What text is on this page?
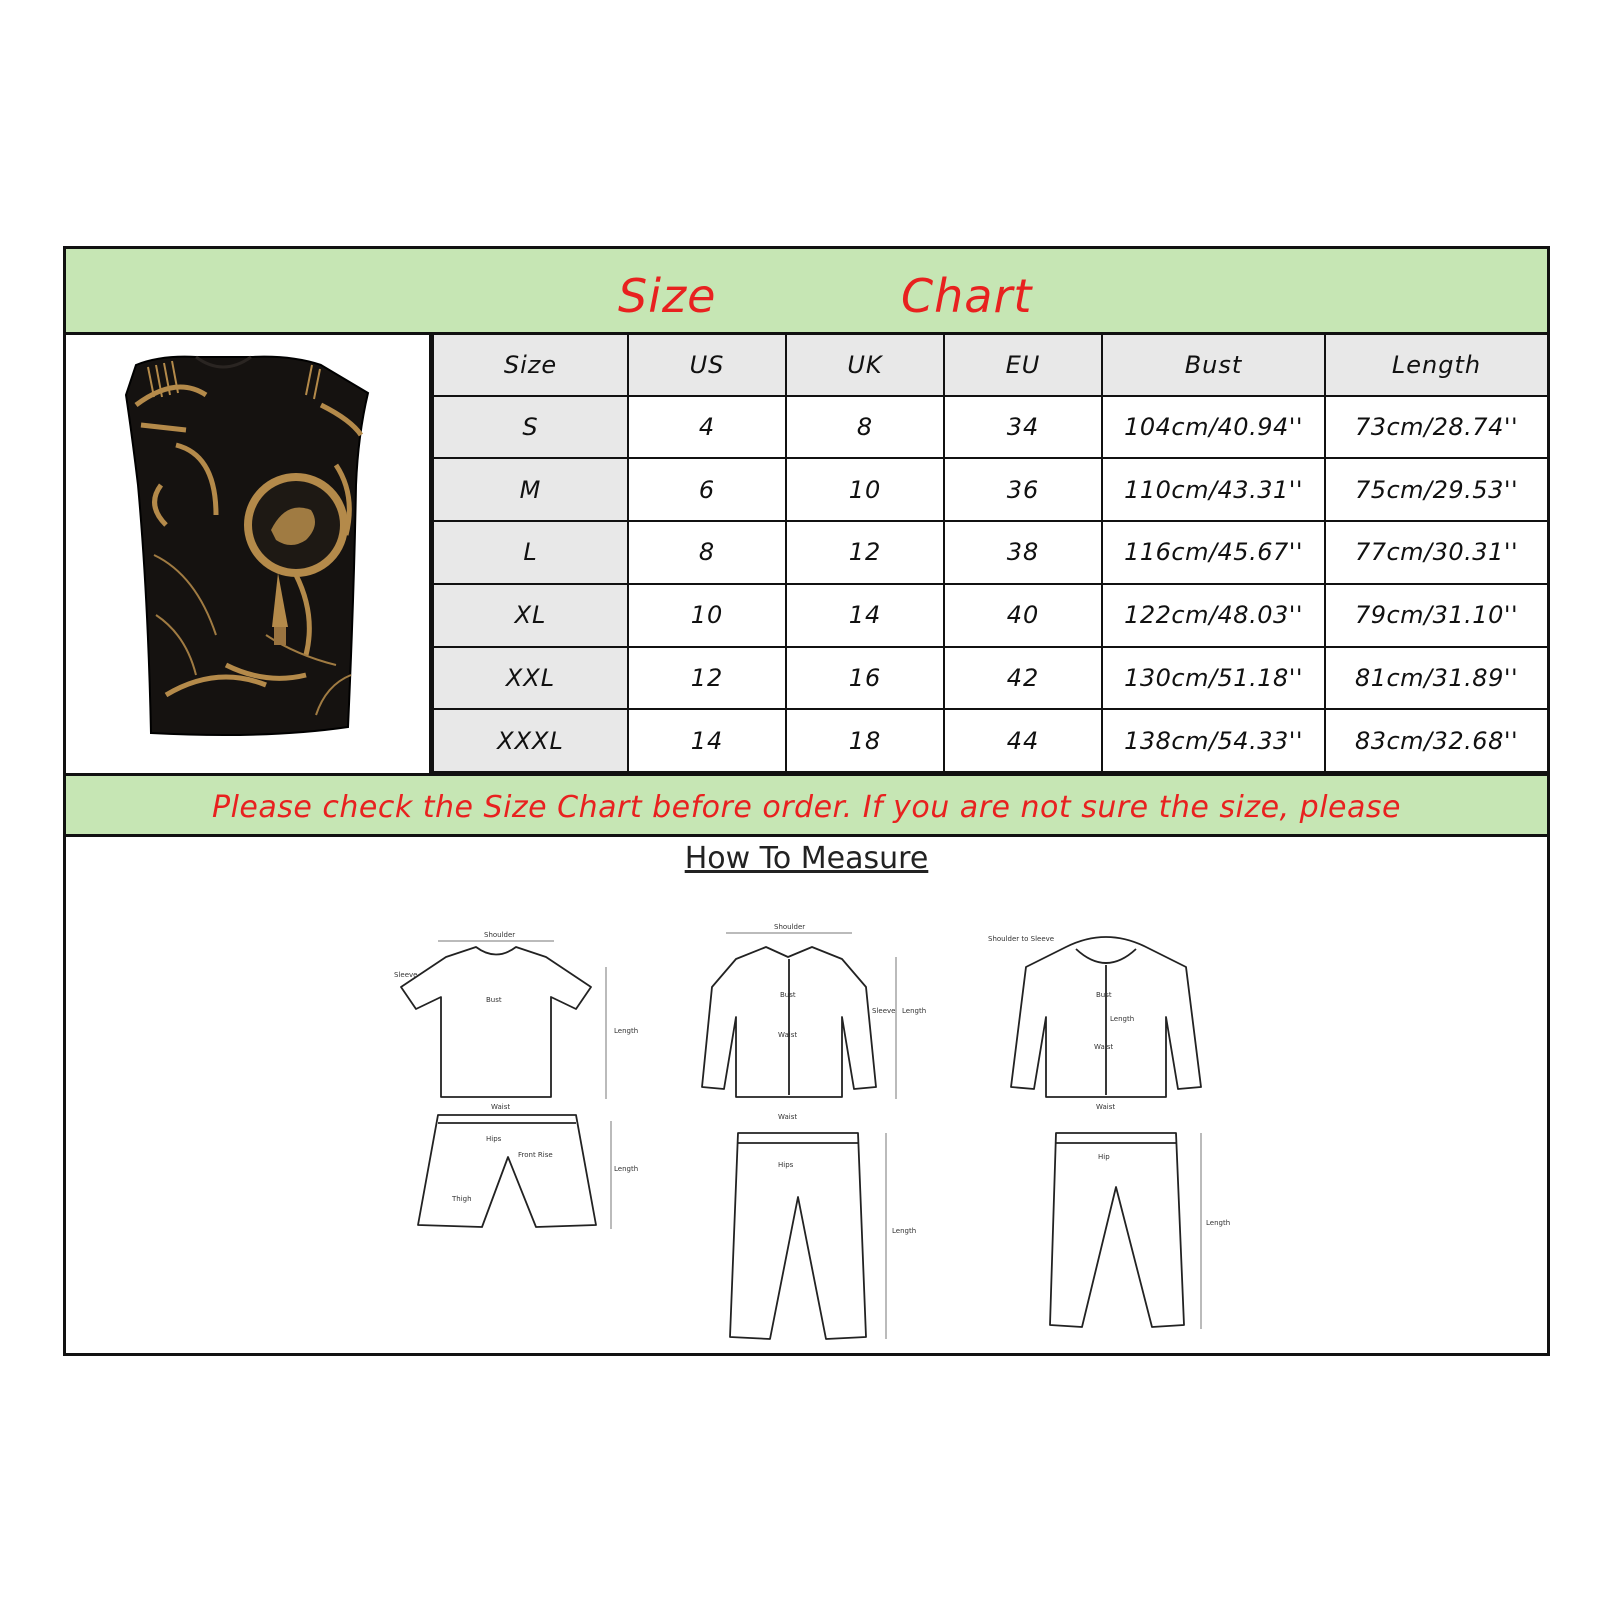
Size	Chart
Size	US	UK	EU	Bust	Length
S	4	8	34	104cm/40.94''	73cm/28.74''
M	6	10	36	110cm/43.31''	75cm/29.53''
L	8	12	38	116cm/45.67''	77cm/30.31''
XL	10	14	40	122cm/48.03''	79cm/31.10''
XXL	12	16	42	130cm/51.18''	81cm/31.89''
XXXL	14	18	44	138cm/54.33''	83cm/32.68''
Please check the Size Chart before order. If you are not sure the size, please
How To Measure
Shoulder
Sleeve
Bust
Length
Waist
Hips
Front Rise
Thigh
Length
Shoulder
Bust
Waist
Sleeve Length
Waist
Hips
Length
Shoulder to Sleeve
Bust
Length
Waist
Waist
Hip
Length
